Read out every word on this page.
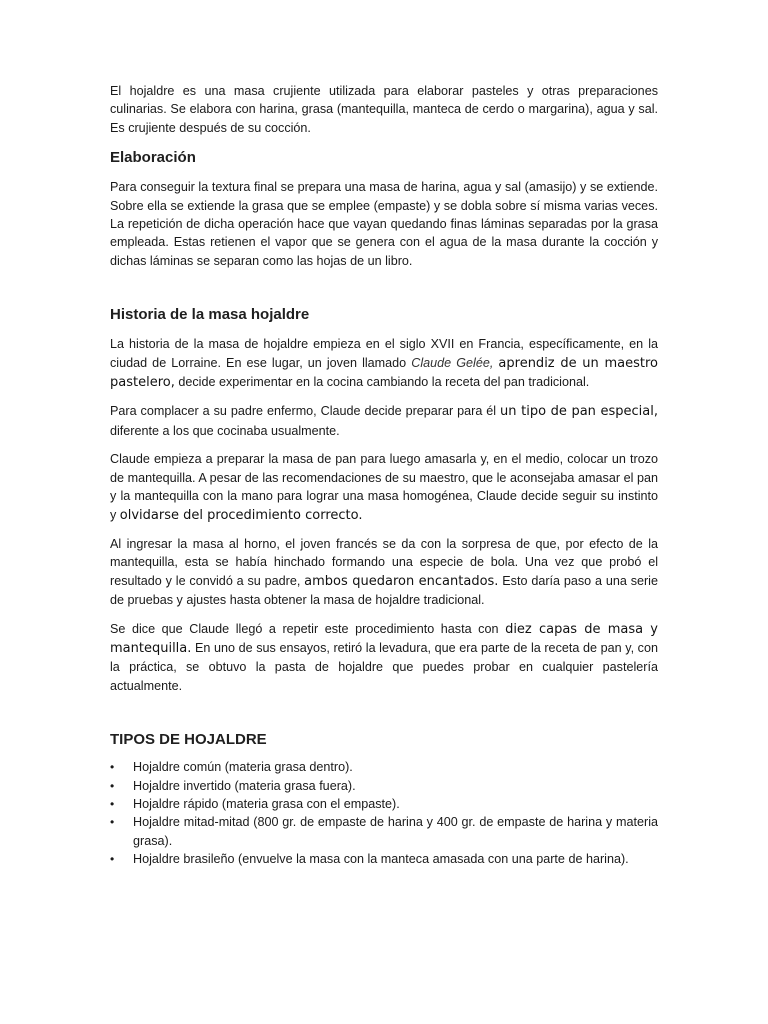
El hojaldre es una masa crujiente utilizada para elaborar pasteles y otras preparaciones culinarias. Se elabora con harina, grasa (mantequilla, manteca de cerdo o margarina), agua y sal. Es crujiente después de su cocción.

Elaboración

Para conseguir la textura final se prepara una masa de harina, agua y sal (amasijo) y se extiende. Sobre ella se extiende la grasa que se emplee (empaste) y se dobla sobre sí misma varias veces. La repetición de dicha operación hace que vayan quedando finas láminas separadas por la grasa empleada. Estas retienen el vapor que se genera con el agua de la masa durante la cocción y dichas láminas se separan como las hojas de un libro.

Historia de la masa hojaldre

La historia de la masa de hojaldre empieza en el siglo XVII en Francia, específicamente, en la ciudad de Lorraine. En ese lugar, un joven llamado Claude Gelée, aprendiz de un maestro pastelero, decide experimentar en la cocina cambiando la receta del pan tradicional.

Para complacer a su padre enfermo, Claude decide preparar para él un tipo de pan especial, diferente a los que cocinaba usualmente.

Claude empieza a preparar la masa de pan para luego amasarla y, en el medio, colocar un trozo de mantequilla. A pesar de las recomendaciones de su maestro, que le aconsejaba amasar el pan y la mantequilla con la mano para lograr una masa homogénea, Claude decide seguir su instinto y olvidarse del procedimiento correcto.

Al ingresar la masa al horno, el joven francés se da con la sorpresa de que, por efecto de la mantequilla, esta se había hinchado formando una especie de bola. Una vez que probó el resultado y le convidó a su padre, ambos quedaron encantados. Esto daría paso a una serie de pruebas y ajustes hasta obtener la masa de hojaldre tradicional.

Se dice que Claude llegó a repetir este procedimiento hasta con diez capas de masa y mantequilla. En uno de sus ensayos, retiró la levadura, que era parte de la receta de pan y, con la práctica, se obtuvo la pasta de hojaldre que puedes probar en cualquier pastelería actualmente.

TIPOS DE HOJALDRE
• Hojaldre común (materia grasa dentro).
• Hojaldre invertido (materia grasa fuera).
• Hojaldre rápido (materia grasa con el empaste).
• Hojaldre mitad-mitad (800 gr. de empaste de harina y 400 gr. de empaste de harina y materia grasa).
• Hojaldre brasileño (envuelve la masa con la manteca amasada con una parte de harina).
